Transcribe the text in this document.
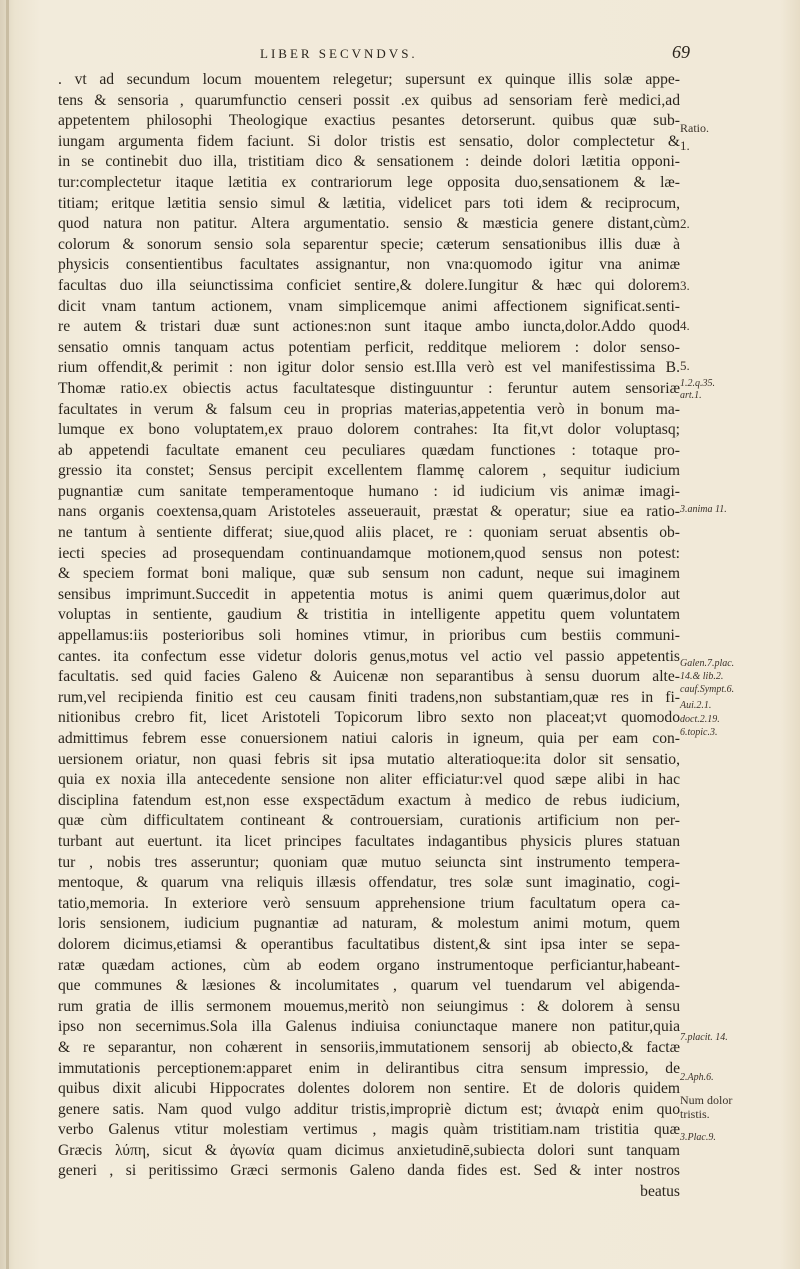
LIBER SECVNDVS.	69
. vt ad secundum locum mouentem relegetur; supersunt ex quinque illis solæ appe-
tens & sensoria , quarumfunctio censeri possit .ex quibus ad sensoriam ferè medici,ad
appetentem philosophi Theologique exactius pesantes detorserunt. quibus quæ sub-
iungam argumenta fidem faciunt. Si dolor tristis est sensatio, dolor complectetur &
in se continebit duo illa, tristitiam dico & sensationem : deinde dolori lætitia opponi-
tur:complectetur itaque lætitia ex contrariorum lege opposita duo,sensationem & læ-
titiam; eritque lætitia sensio simul & lætitia, videlicet pars toti idem & reciprocum,
quod natura non patitur. Altera argumentatio. sensio & mæsticia genere distant,cùm
colorum & sonorum sensio sola separentur specie; cæterum sensationibus illis duæ à
physicis consentientibus facultates assignantur, non vna:quomodo igitur vna animæ
facultas duo illa seiunctissima conficiet sentire,& dolere.Iungitur & hæc qui dolorem
dicit vnam tantum actionem, vnam simplicemque animi affectionem significat.senti-
re autem & tristari duæ sunt actiones:non sunt itaque ambo iuncta,dolor.Addo quod
sensatio omnis tanquam actus potentiam perficit, redditque meliorem : dolor senso-
rium offendit,& perimit : non igitur dolor sensio est.Illa verò est vel manifestissima B.
Thomæ ratio.ex obiectis actus facultatesque distinguuntur : feruntur autem sensoriæ
facultates in verum & falsum ceu in proprias materias,appetentia verò in bonum ma-
lumque ex bono voluptatem,ex prauo dolorem contrahes: Ita fit,vt dolor voluptasq;
ab appetendi facultate emanent ceu peculiares quædam functiones : totaque pro-
gressio ita constet; Sensus percipit excellentem flammę calorem , sequitur iudicium
pugnantiæ cum sanitate temperamentoque humano : id iudicium vis animæ imagi-
nans organis coextensa,quam Aristoteles asseuerauit, præstat & operatur; siue ea ratio-
ne tantum à sentiente differat; siue,quod aliis placet, re : quoniam seruat absentis ob-
iecti species ad prosequendam continuandamque motionem,quod sensus non potest:
& speciem format boni malique, quæ sub sensum non cadunt, neque sui imaginem
sensibus imprimunt.Succedit in appetentia motus is animi quem quærimus,dolor aut
voluptas in sentiente, gaudium & tristitia in intelligente appetitu quem voluntatem
appellamus:iis posterioribus soli homines vtimur, in prioribus cum bestiis communi-
cantes. ita confectum esse videtur doloris genus,motus vel actio vel passio appetentis
facultatis. sed quid facies Galeno & Auicenæ non separantibus à sensu duorum alte-
rum,vel recipienda finitio est ceu causam finiti tradens,non substantiam,quæ res in fi-
nitionibus crebro fit, licet Aristoteli Topicorum libro sexto non placeat;vt quomodo
admittimus febrem esse conuersionem natiui caloris in igneum, quia per eam con-
uersionem oriatur, non quasi febris sit ipsa mutatio alteratioque:ita dolor sit sensatio,
quia ex noxia illa antecedente sensione non aliter efficiatur:vel quod sæpe alibi in hac
disciplina fatendum est,non esse exspectādum exactum à medico de rebus iudicium,
quæ cùm difficultatem contineant & controuersiam, curationis artificium non per-
turbant aut euertunt. ita licet principes facultates indagantibus physicis plures statuan
tur , nobis tres asseruntur; quoniam quæ mutuo seiuncta sint instrumento tempera-
mentoque, & quarum vna reliquis illæsis offendatur, tres solæ sunt imaginatio, cogi-
tatio,memoria. In exteriore verò sensuum apprehensione trium facultatum opera ca-
loris sensionem, iudicium pugnantiæ ad naturam, & molestum animi motum, quem
dolorem dicimus,etiamsi & operantibus facultatibus distent,& sint ipsa inter se sepa-
ratæ quædam actiones, cùm ab eodem organo instrumentoque perficiantur,habeant-
que communes & læsiones & incolumitates , quarum vel tuendarum vel abigenda-
rum gratia de illis sermonem mouemus,meritò non seiungimus : & dolorem à sensu
ipso non secernimus.Sola illa Galenus indiuisa coniunctaque manere non patitur,quia
& re separantur, non cohærent in sensoriis,immutationem sensorij ab obiecto,& factæ
immutationis perceptionem:apparet enim in delirantibus citra sensum impressio, de
quibus dixit alicubi Hippocrates dolentes dolorem non sentire. Et de doloris quidem
genere satis. Nam quod vulgo additur tristis,impropriè dictum est; ἀνιαρὰ enim quo
verbo Galenus vtitur molestiam vertimus , magis quàm tristitiam.nam tristitia quæ
Græcis λύπη, sicut & ἀγωνία quam dicimus anxietudinē,subiecta dolori sunt tanquam
generi , si peritissimo Græci sermonis Galeno danda fides est. Sed & inter nostros
beatus
Ratio.
1.
2.
3.
4.
5.
1.2.q.35.
art.1.
3.anima 11.
Galen.7.plac.
14.& lib.2.
cauf.Sympt.6.
Aui.2.1.
doct.2.19.
6.topic.3.
7.placit. 14.
2.Aph.6.
Num dolor
tristis.
3.Plac.9.
